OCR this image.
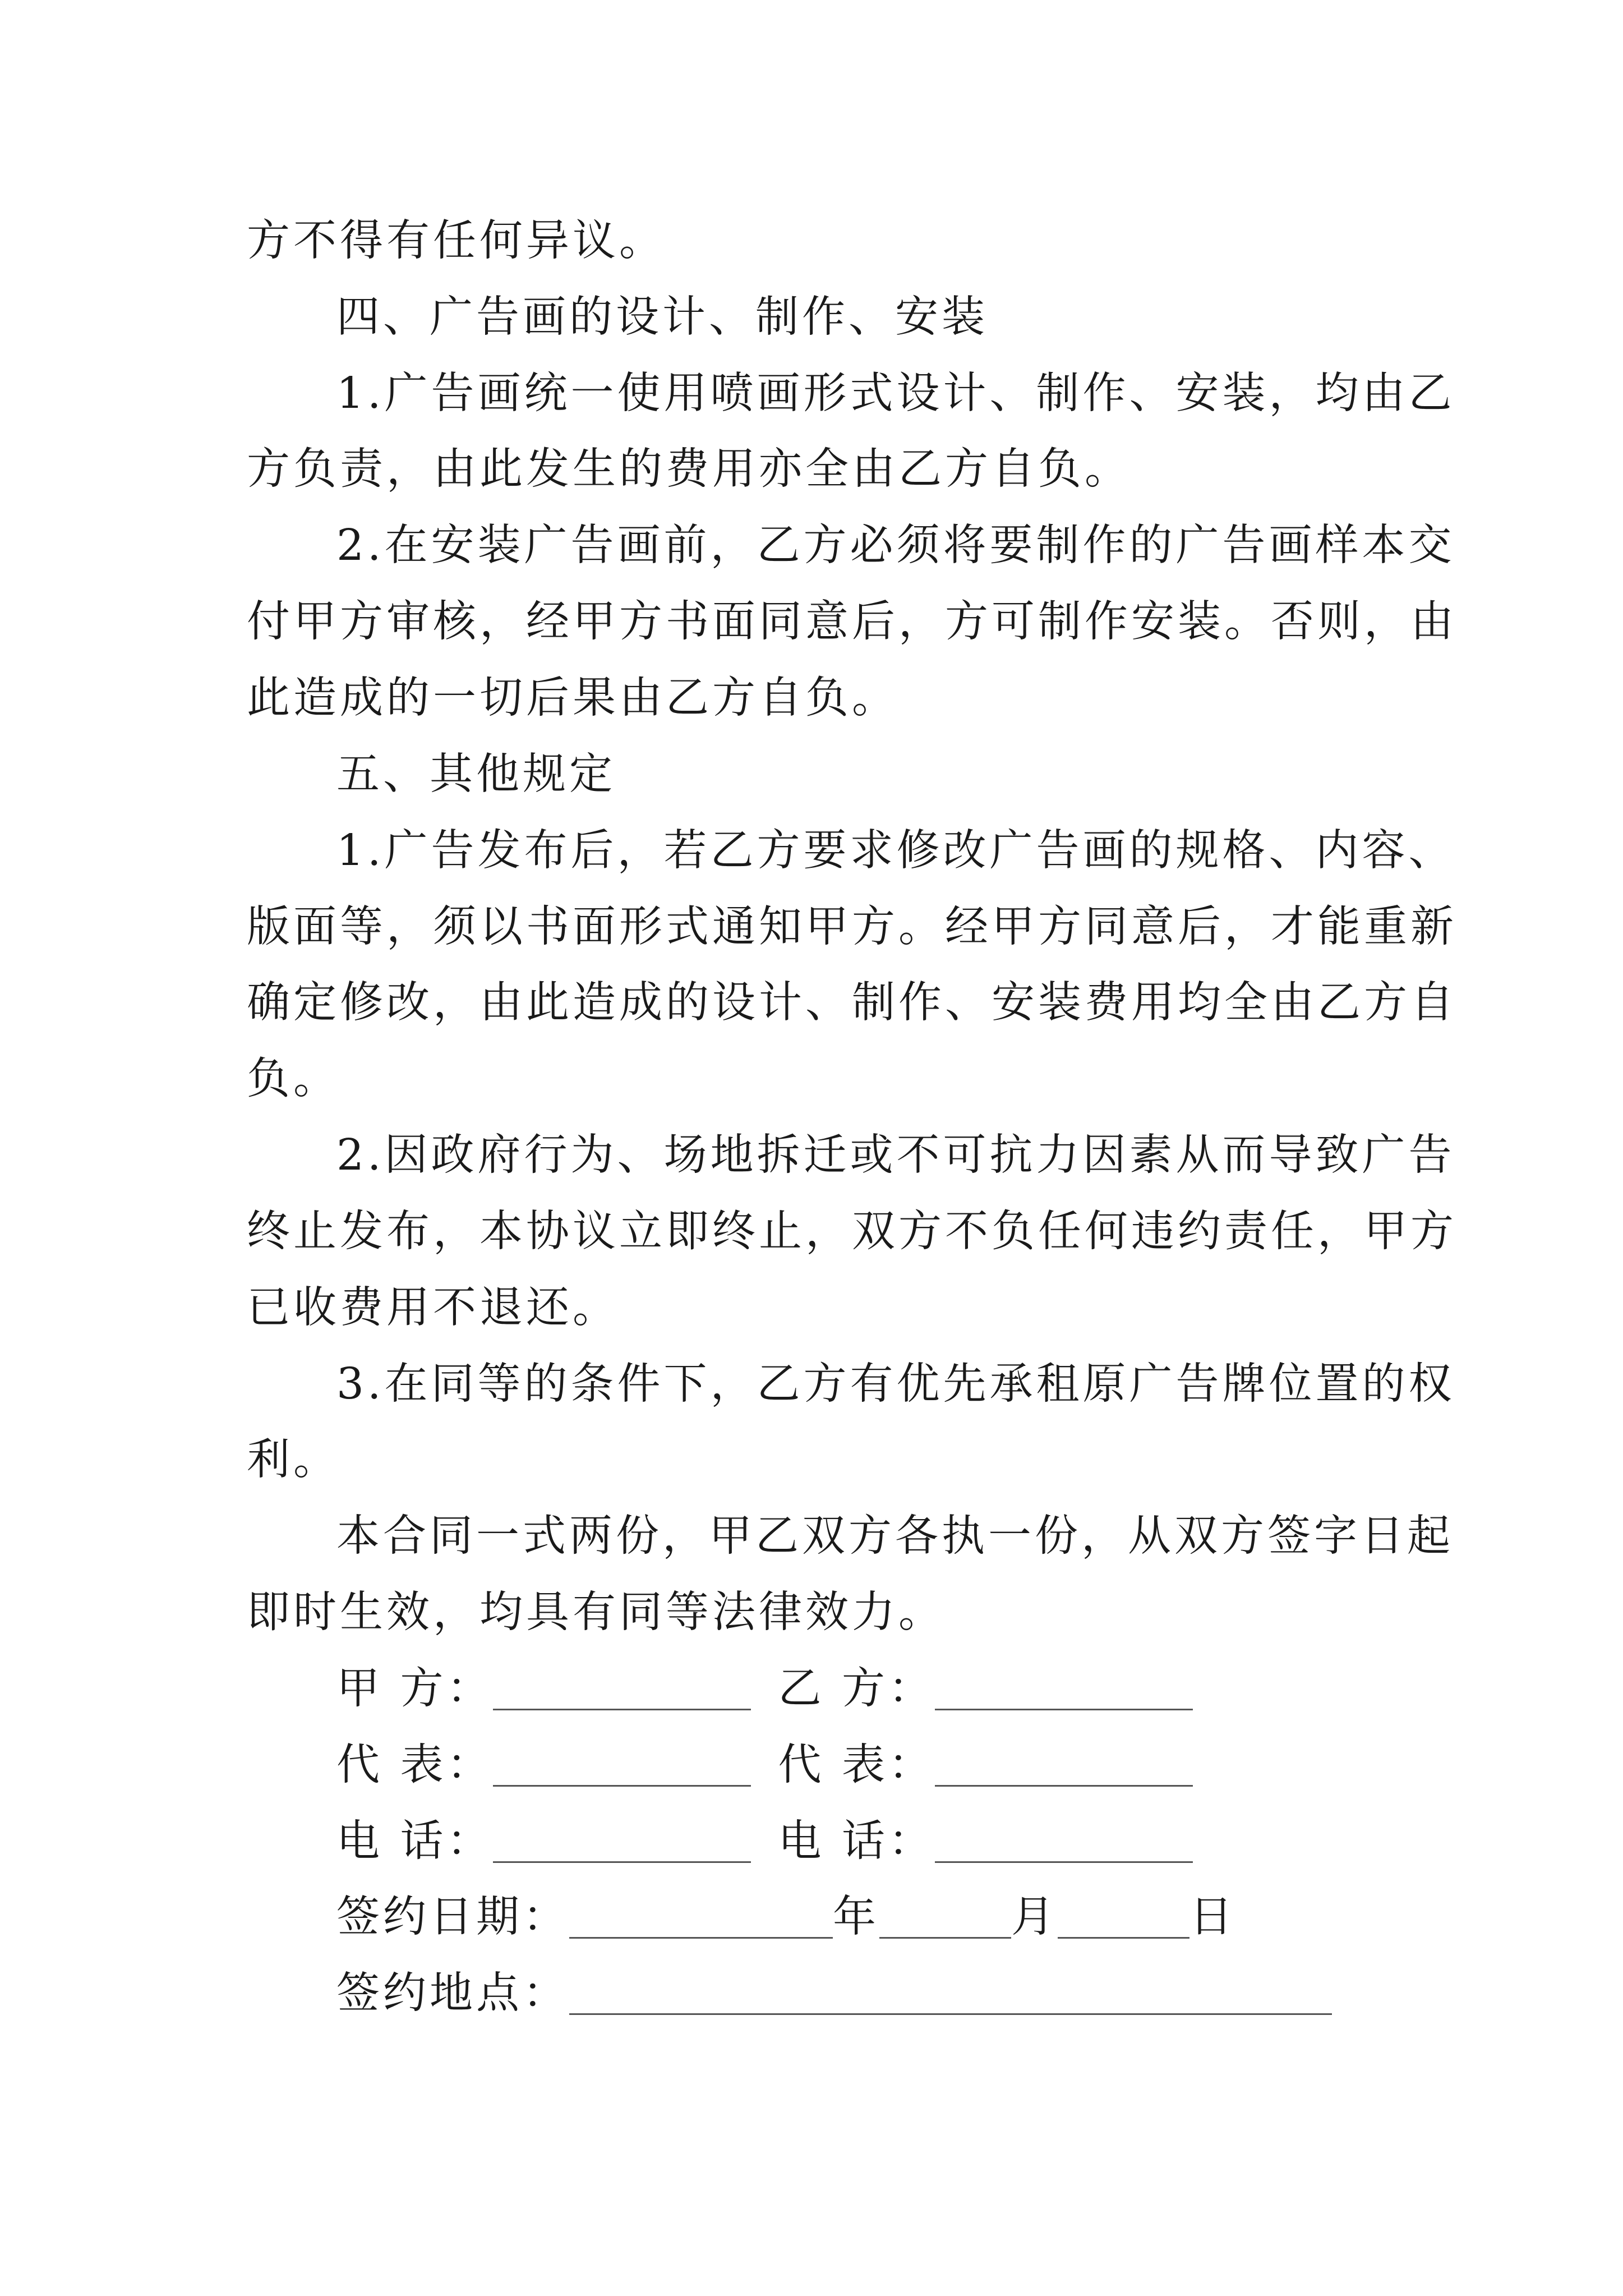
方不得有任何异议。
四、广告画的设计、制作、安装
1.广告画统一使用喷画形式设计、制作、安装，均由乙
方负责，由此发生的费用亦全由乙方自负。
2.在安装广告画前，乙方必须将要制作的广告画样本交
付甲方审核，经甲方书面同意后，方可制作安装。否则，由
此造成的一切后果由乙方自负。
五、其他规定
1.广告发布后，若乙方要求修改广告画的规格、内容、
版面等，须以书面形式通知甲方。经甲方同意后，才能重新
确定修改，由此造成的设计、制作、安装费用均全由乙方自
负。
2.因政府行为、场地拆迁或不可抗力因素从而导致广告
终止发布，本协议立即终止，双方不负任何违约责任，甲方
已收费用不退还。
3.在同等的条件下，乙方有优先承租原广告牌位置的权
利。
本合同一式两份，甲乙双方各执一份，从双方签字日起
即时生效，均具有同等法律效力。
甲 方：	乙 方：
代 表：	代 表：
电 话：	电 话：
签约日期：	年	月	日
签约地点：
